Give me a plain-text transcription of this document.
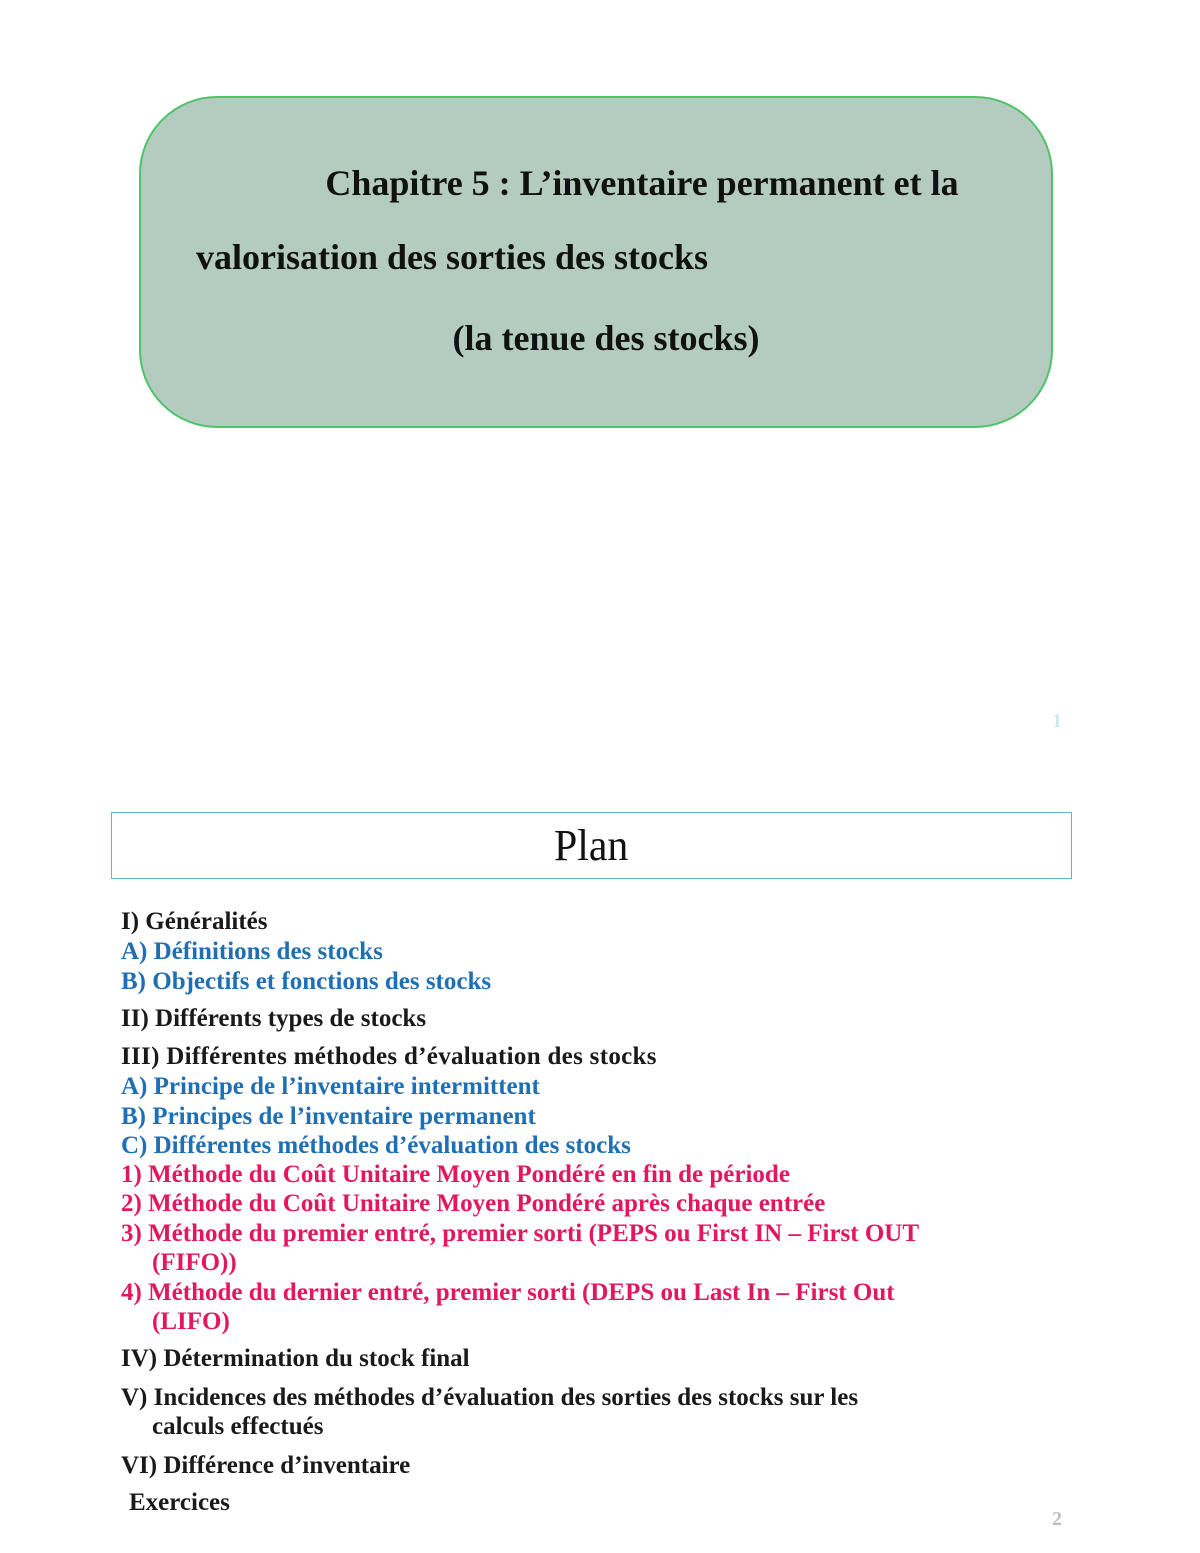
Chapitre 5 : L’inventaire permanent et la
valorisation des sorties des stocks
(la tenue des stocks)
1
Plan
I) Généralités
A) Définitions des stocks
B) Objectifs et fonctions des stocks
II) Différents types de stocks
III) Différentes méthodes d’évaluation des stocks
A) Principe de l’inventaire intermittent
B) Principes de l’inventaire permanent
C) Différentes méthodes d’évaluation des stocks
1) Méthode du Coût Unitaire Moyen Pondéré en fin de période
2) Méthode du Coût Unitaire Moyen Pondéré après chaque entrée
3) Méthode du premier entré, premier sorti (PEPS ou First IN – First OUT
(FIFO))
4) Méthode du dernier entré, premier sorti (DEPS ou Last In – First Out
(LIFO)
IV) Détermination du stock final
V) Incidences des méthodes d’évaluation des sorties des stocks sur les
calculs effectués
VI) Différence d’inventaire
Exercices
2
